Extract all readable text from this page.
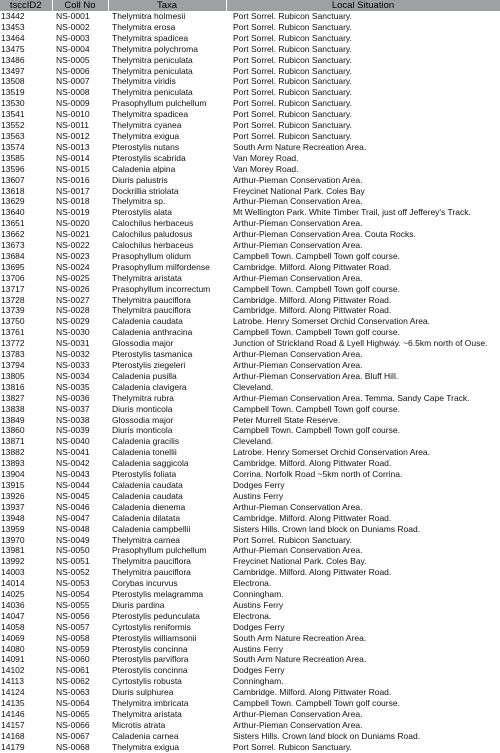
tsccID2	Coll No	Taxa	Local Situation
13442	NS-0001	Thelymitra holmesii	Port Sorrel. Rubicon Sanctuary.
13453	NS-0002	Thelymitra erosa	Port Sorrel. Rubicon Sanctuary.
13464	NS-0003	Thelymitra spadicea	Port Sorrel. Rubicon Sanctuary.
13475	NS-0004	Thelymitra polychroma	Port Sorrel. Rubicon Sanctuary.
13486	NS-0005	Thelymitra peniculata	Port Sorrel. Rubicon Sanctuary.
13497	NS-0006	Thelymitra peniculata	Port Sorrel. Rubicon Sanctuary.
13508	NS-0007	Thelymitra viridis	Port Sorrel. Rubicon Sanctuary.
13519	NS-0008	Thelymitra peniculata	Port Sorrel. Rubicon Sanctuary.
13530	NS-0009	Prasophyllum pulchellum	Port Sorrel. Rubicon Sanctuary.
13541	NS-0010	Thelymitra spadicea	Port Sorrel. Rubicon Sanctuary.
13552	NS-0011	Thelymitra cyanea	Port Sorrel. Rubicon Sanctuary.
13563	NS-0012	Thelymitra exigua	Port Sorrel. Rubicon Sanctuary.
13574	NS-0013	Pterostylis nutans	South Arm Nature Recreation Area.
13585	NS-0014	Pterostylis scabrida	Van Morey Road.
13596	NS-0015	Caladenia alpina	Van Morey Road.
13607	NS-0016	Diuris palustris	Arthur-Pieman Conservation Area.
13618	NS-0017	Dockrillia striolata	Freycinet National Park. Coles Bay
13629	NS-0018	Thelymitra sp.	Arthur-Pieman Conservation Area.
13640	NS-0019	Pterostylis alata	Mt Wellington Park. White Timber Trail, just off Jefferey's Track.
13651	NS-0020	Calochilus herbaceus	Arthur-Pieman Conservation Area.
13662	NS-0021	Calochilus paludosus	Arthur-Pieman Conservation Area. Couta Rocks.
13673	NS-0022	Calochilus herbaceus	Arthur-Pieman Conservation Area.
13684	NS-0023	Prasophyllum olidum	Campbell Town. Campbell Town golf course.
13695	NS-0024	Prasophyllum milfordense	Cambridge. Milford. Along Pittwater Road.
13706	NS-0025	Thelymitra aristata	Arthur-Pieman Conservation Area.
13717	NS-0026	Prasophyllum incorrectum	Campbell Town. Campbell Town golf course.
13728	NS-0027	Thelymitra pauciflora	Cambridge. Milford. Along Pittwater Road.
13739	NS-0028	Thelymitra pauciflora	Cambridge. Milford. Along Pittwater Road.
13750	NS-0029	Caladenia caudata	Latrobe. Henry Somerset Orchid Conservation Area.
13761	NS-0030	Caladenia anthracina	Campbell Town. Campbell Town golf course.
13772	NS-0031	Glossodia major	Junction of Strickland Road & Lyell Highway. ~6.5km north of Ouse.
13783	NS-0032	Pterostylis tasmanica	Arthur-Pieman Conservation Area.
13794	NS-0033	Pterostylis ziegeleri	Arthur-Pieman Conservation Area.
13805	NS-0034	Caladenia pusilla	Arthur-Pieman Conservation Area. Bluff Hill.
13816	NS-0035	Caladenia clavigera	Cleveland.
13827	NS-0036	Thelymitra rubra	Arthur-Pieman Conservation Area. Temma. Sandy Cape Track.
13838	NS-0037	Diuris monticola	Campbell Town. Campbell Town golf course.
13849	NS-0038	Glossodia major	Peter Murrell State Reserve.
13860	NS-0039	Diuris monticola	Campbell Town. Campbell Town golf course.
13871	NS-0040	Caladenia gracilis	Cleveland.
13882	NS-0041	Caladenia tonellii	Latrobe. Henry Somerset Orchid Conservation Area.
13893	NS-0042	Caladenia saggicola	Cambridge. Milford. Along Pittwater Road.
13904	NS-0043	Pterostylis foliata	Corrina. Norfolk Road ~5km north of Corrina.
13915	NS-0044	Caladenia caudata	Dodges Ferry
13926	NS-0045	Caladenia caudata	Austins Ferry
13937	NS-0046	Caladenia dienema	Arthur-Pieman Conservation Area.
13948	NS-0047	Caladenia dilatata	Cambridge. Milford. Along Pittwater Road.
13959	NS-0048	Caladenia campbellii	Sisters Hills. Crown land block on Duniams Road.
13970	NS-0049	Thelymitra carnea	Port Sorrel. Rubicon Sanctuary.
13981	NS-0050	Prasophyllum pulchellum	Arthur-Pieman Conservation Area.
13992	NS-0051	Thelymitra pauciflora	Freycinet National Park. Coles Bay.
14003	NS-0052	Thelymitra pauciflora	Cambridge. Milford. Along Pittwater Road.
14014	NS-0053	Corybas incurvus	Electrona.
14025	NS-0054	Pterostylis melagramma	Conningham.
14036	NS-0055	Diuris pardina	Austins Ferry
14047	NS-0056	Pterostylis pedunculata	Electrona.
14058	NS-0057	Cyrtostylis reniformis	Dodges Ferry
14069	NS-0058	Pterostylis williamsonii	South Arm Nature Recreation Area.
14080	NS-0059	Pterostylis concinna	Austins Ferry
14091	NS-0060	Pterostylis parviflora	South Arm Nature Recreation Area.
14102	NS-0061	Pterostylis concinna	Dodges Ferry
14113	NS-0062	Cyrtostylis robusta	Conningham.
14124	NS-0063	Diuris sulphurea	Cambridge. Milford. Along Pittwater Road.
14135	NS-0064	Thelymitra imbricata	Campbell Town. Campbell Town golf course.
14146	NS-0065	Thelymitra aristata	Arthur-Pieman Conservation Area.
14157	NS-0066	Microtis atrata	Arthur-Pieman Conservation Area.
14168	NS-0067	Caladenia carnea	Sisters Hills. Crown land block on Duniams Road.
14179	NS-0068	Thelymitra exigua	Port Sorrel. Rubicon Sanctuary.
